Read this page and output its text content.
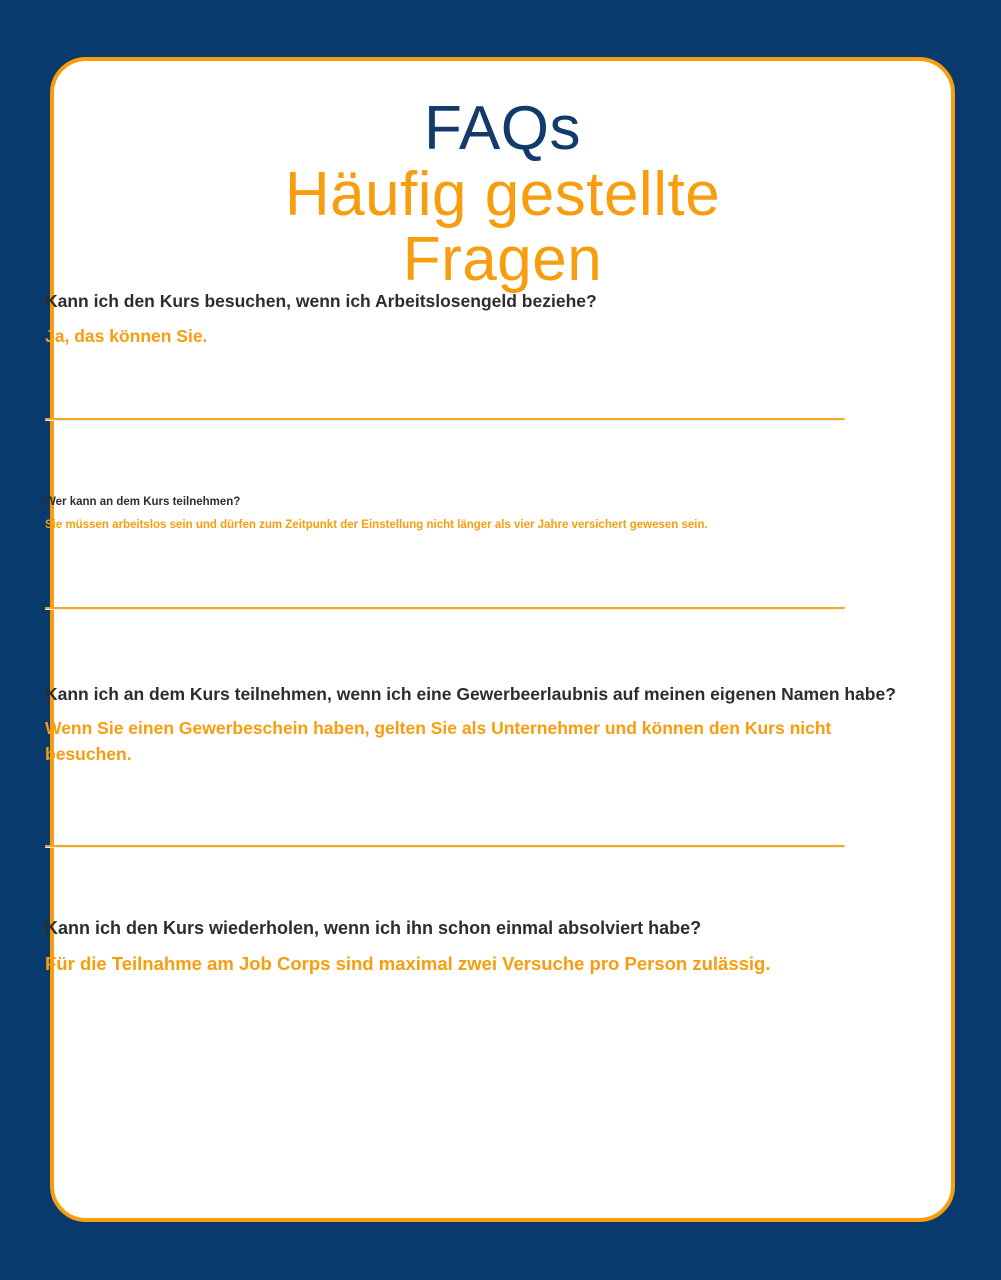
FAQs
Häufig gestellte
Fragen

Kann ich den Kurs besuchen, wenn ich Arbeitslosengeld beziehe?

Ja, das können Sie.

Wer kann an dem Kurs teilnehmen?

Sie müssen arbeitslos sein und dürfen zum Zeitpunkt der Einstellung nicht länger als vier Jahre versichert gewesen sein.

Kann ich an dem Kurs teilnehmen, wenn ich eine Gewerbeerlaubnis auf meinen eigenen Namen habe?

Wenn Sie einen Gewerbeschein haben, gelten Sie als Unternehmer und können den Kurs nicht besuchen.

Kann ich den Kurs wiederholen, wenn ich ihn schon einmal absolviert habe?

Für die Teilnahme am Job Corps sind maximal zwei Versuche pro Person zulässig.
